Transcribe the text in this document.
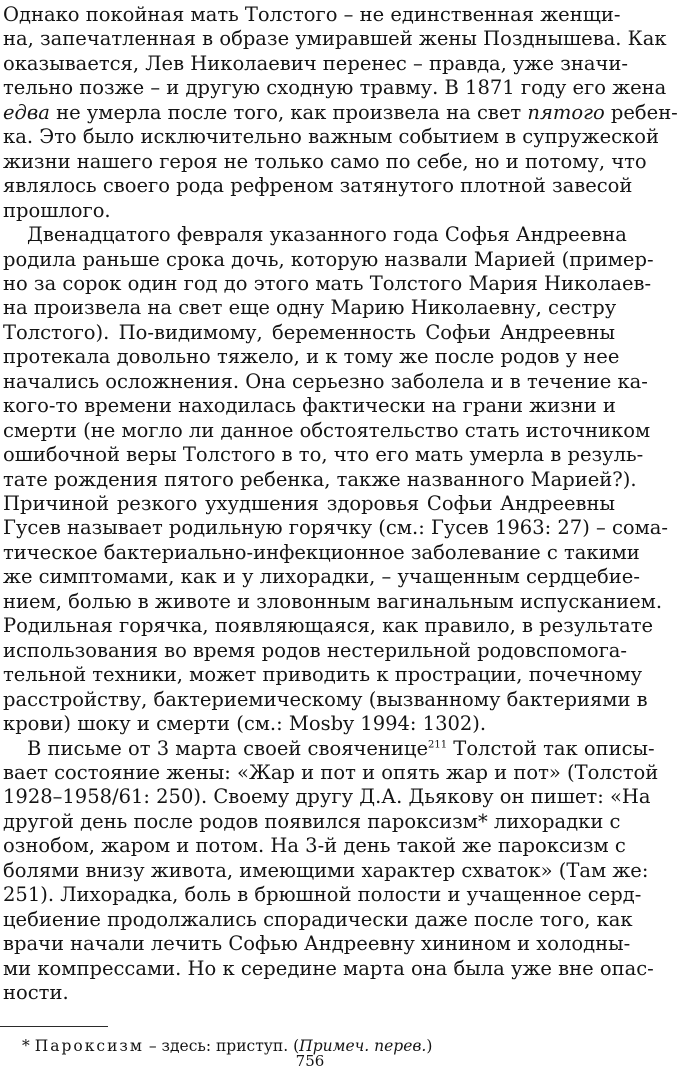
Однако покойная мать Толстого – не единственная женщи-
на, запечатленная в образе умиравшей жены Позднышева. Как
оказывается, Лев Николаевич перенес – правда, уже значи-
тельно позже – и другую сходную травму. В 1871 году его жена
едва не умерла после того, как произвела на свет пятого ребен-
ка. Это было исключительно важным событием в супружеской
жизни нашего героя не только само по себе, но и потому, что
являлось своего рода рефреном затянутого плотной завесой
прошлого.
Двенадцатого февраля указанного года Софья Андреевна
родила раньше срока дочь, которую назвали Марией (пример-
но за сорок один год до этого мать Толстого Мария Николаев-
на произвела на свет еще одну Марию Николаевну, сестру
Толстого). По-видимому, беременность Софьи Андреевны
протекала довольно тяжело, и к тому же после родов у нее
начались осложнения. Она серьезно заболела и в течение ка-
кого-то времени находилась фактически на грани жизни и
смерти (не могло ли данное обстоятельство стать источником
ошибочной веры Толстого в то, что его мать умерла в резуль-
тате рождения пятого ребенка, также названного Марией?).
Причиной резкого ухудшения здоровья Софьи Андреевны
Гусев называет родильную горячку (см.: Гусев 1963: 27) – сома-
тическое бактериально-инфекционное заболевание с такими
же симптомами, как и у лихорадки, – учащенным сердцебие-
нием, болью в животе и зловонным вагинальным испусканием.
Родильная горячка, появляющаяся, как правило, в результате
использования во время родов нестерильной родовспомога-
тельной техники, может приводить к прострации, почечному
расстройству, бактериемическому (вызванному бактериями в
крови) шоку и смерти (см.: Mosby 1994: 1302).
В письме от 3 марта своей свояченице$^{211}$ Толстой так описы-
вает состояние жены: «Жар и пот и опять жар и пот» (Толстой
1928–1958/61: 250). Своему другу Д.А. Дьякову он пишет: «На
другой день после родов появился пароксизм* лихорадки с
ознобом, жаром и потом. На 3-й день такой же пароксизм с
болями внизу живота, имеющими характер схваток» (Там же:
251). Лихорадка, боль в брюшной полости и учащенное серд-
цебиение продолжались спорадически даже после того, как
врачи начали лечить Софью Андреевну хинином и холодны-
ми компрессами. Но к середине марта она была уже вне опас-
ности.
* Пароксизм – здесь: приступ. (Примеч. перев.)
756
